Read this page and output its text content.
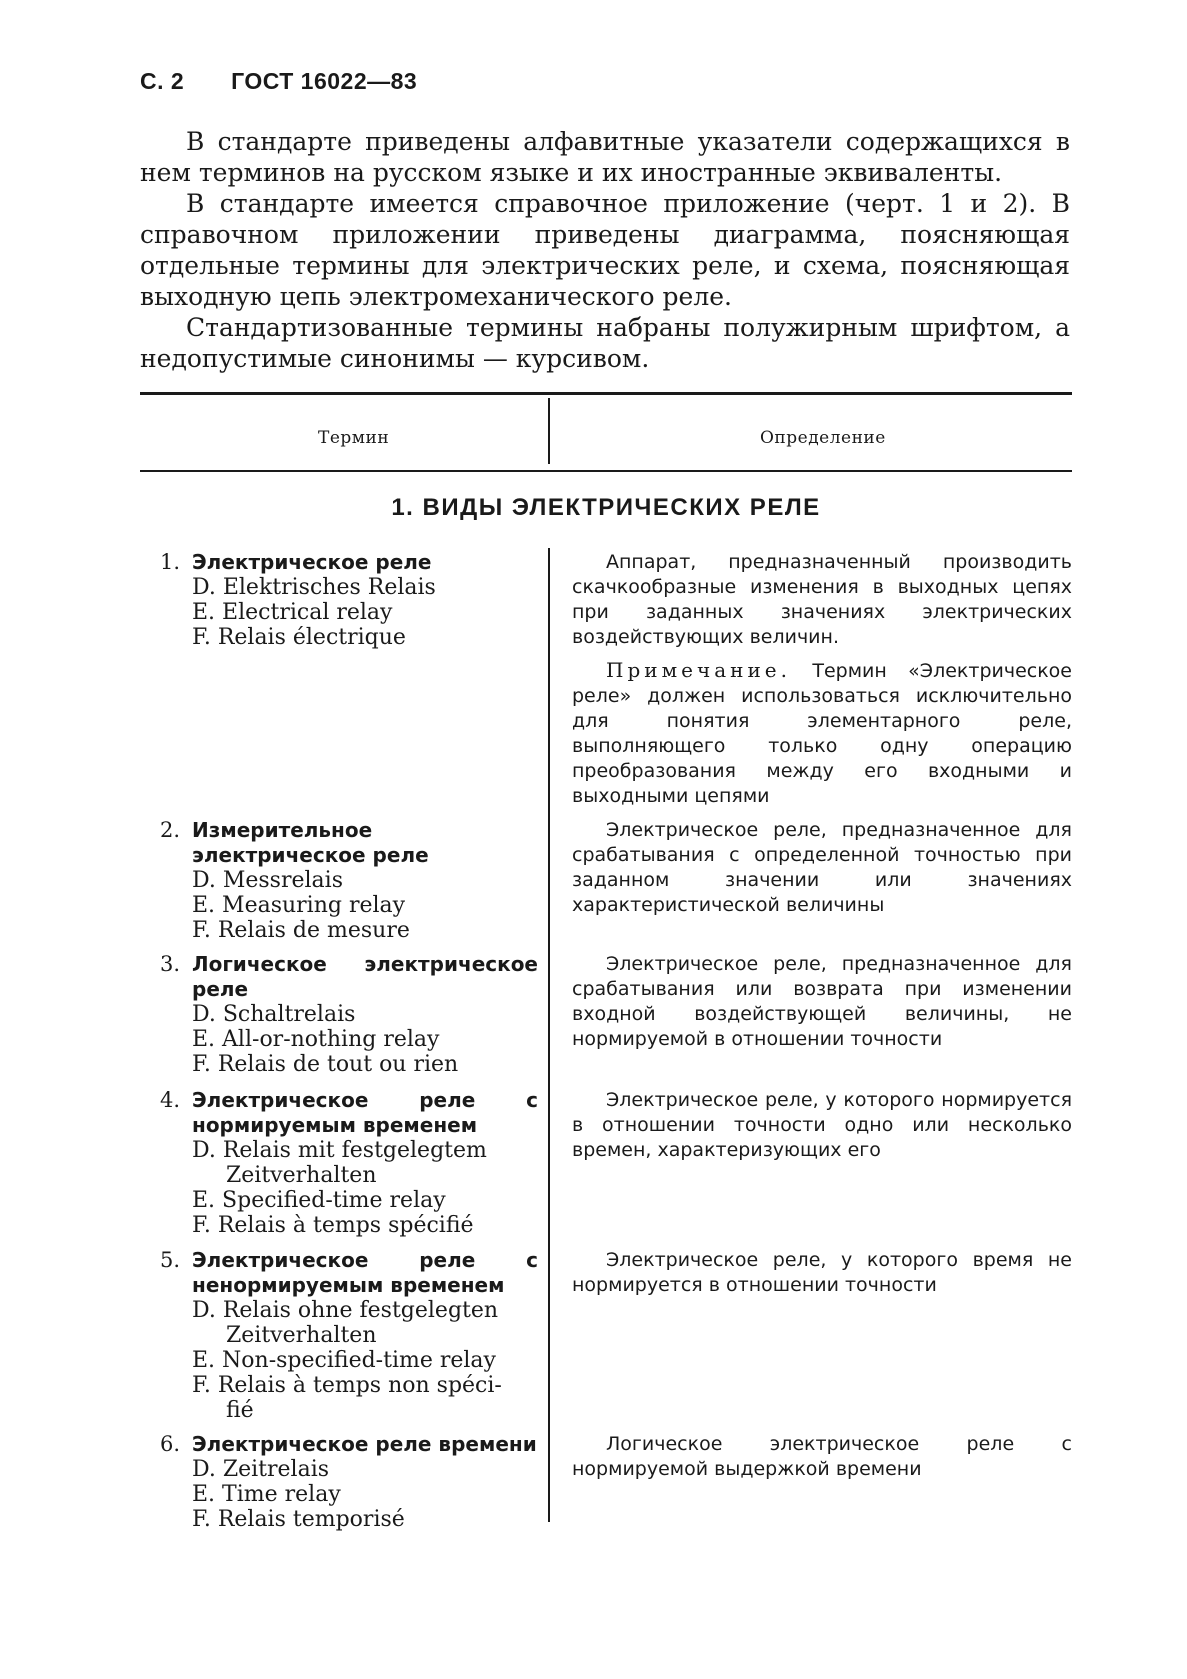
С. 2 ГОСТ 16022—83

В стандарте приведены алфавитные указатели содержащихся в нем терминов на русском языке и их иностранные эквиваленты.

В стандарте имеется справочное приложение (черт. 1 и 2). В справочном приложении приведены диаграмма, поясняющая отдельные термины для электрических реле, и схема, поясняющая выходную цепь электромеханического реле.

Стандартизованные термины набраны полужирным шрифтом, а недопустимые синонимы — курсивом.

Термин	Определение
1. ВИДЫ ЭЛЕКТРИЧЕСКИХ РЕЛЕ
1. Электрическое реле
D. Elektrisches Relais
E. Electrical relay
F. Relais électrique

Аппарат, предназначенный производить скачкообразные изменения в выходных цепях при заданных значениях электрических воздействующих величин.

Примечание. Термин «Электрическое реле» должен использоваться исключительно для понятия элементарного реле, выполняющего только одну операцию преобразования между его входными и выходными цепями

2. Измерительное электрическое реле
D. Messrelais
E. Measuring relay
F. Relais de mesure

Электрическое реле, предназначенное для срабатывания с определенной точностью при заданном значении или значениях характеристической величины

3. Логическое электрическое реле
D. Schaltrelais
E. All-or-nothing relay
F. Relais de tout ou rien

Электрическое реле, предназначенное для срабатывания или возврата при изменении входной воздействующей величины, не нормируемой в отношении точности

4. Электрическое реле с нормируемым временем
D. Relais mit festgelegtem
Zeitverhalten
E. Specified-time relay
F. Relais à temps spécifié

Электрическое реле, у которого нормируется в отношении точности одно или несколько времен, характеризующих его

5. Электрическое реле с ненормируемым временем
D. Relais ohne festgelegten
Zeitverhalten
E. Non-specified-time relay
F. Relais à temps non spéci-
fié

Электрическое реле, у которого время не нормируется в отношении точности

6. Электрическое реле времени
D. Zeitrelais
E. Time relay
F. Relais temporisé

Логическое электрическое реле с нормируемой выдержкой времени
